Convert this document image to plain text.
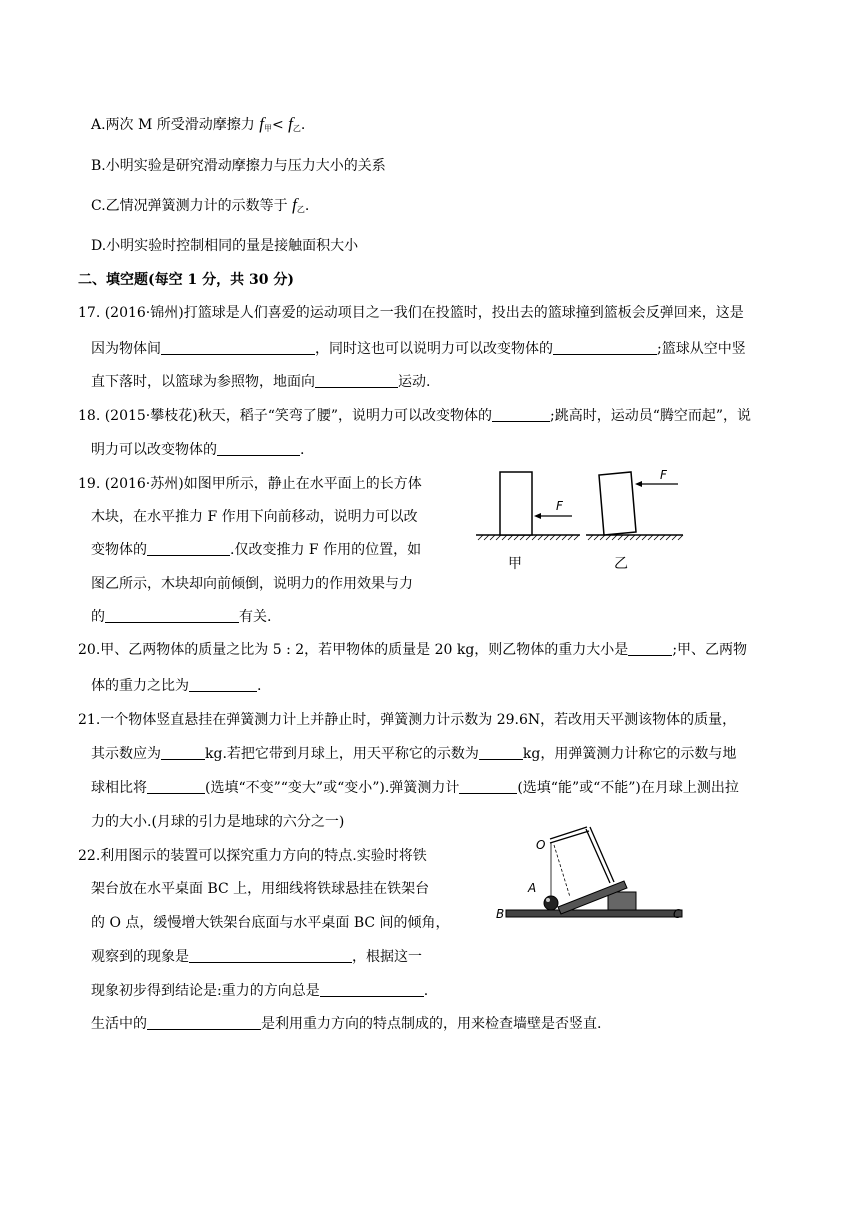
A.两次 M 所受滑动摩擦力 $f_甲< f_乙$.
B.小明实验是研究滑动摩擦力与压力大小的关系
C.乙情况弹簧测力计的示数等于 $f_乙$.
D.小明实验时控制相同的量是接触面积大小
二、填空题(每空 1 分，共 30 分)
17. (2016·锦州)打篮球是人们喜爱的运动项目之一我们在投篮时，投出去的篮球撞到篮板会反弹回来，这是
因为物体间	，同时这也可以说明力可以改变物体的	;篮球从空中竖
直下落时，以篮球为参照物，地面向	运动.
18. (2015·攀枝花)秋天，稻子“笑弯了腰”，说明力可以改变物体的	;跳高时，运动员“腾空而起”，说
明力可以改变物体的	.
19. (2016·苏州)如图甲所示，静止在水平面上的长方体
木块，在水平推力 F 作用下向前移动，说明力可以改
变物体的	.仅改变推力 F 作用的位置，如
图乙所示，木块却向前倾倒，说明力的作用效果与力
的	有关.
F
F
甲	乙
20.甲、乙两物体的质量之比为 5 : 2，若甲物体的质量是 20 kg，则乙物体的重力大小是	;甲、乙两物
体的重力之比为	.
21.一个物体竖直悬挂在弹簧测力计上并静止时，弹簧测力计示数为 29.6N，若改用天平测该物体的质量，
其示数应为	kg.若把它带到月球上，用天平称它的示数为	kg，用弹簧测力计称它的示数与地
球相比将	(选填“不变”“变大”或“变小”).弹簧测力计	(选填“能”或“不能”)在月球上测出拉
力的大小.(月球的引力是地球的六分之一)
22.利用图示的装置可以探究重力方向的特点.实验时将铁
架台放在水平桌面 BC 上，用细线将铁球悬挂在铁架台
的 O 点，缓慢增大铁架台底面与水平桌面 BC 间的倾角，
观察到的现象是	，根据这一
现象初步得到结论是:重力的方向总是	.
生活中的	是利用重力方向的特点制成的，用来检查墙壁是否竖直.
O
A
B	C
